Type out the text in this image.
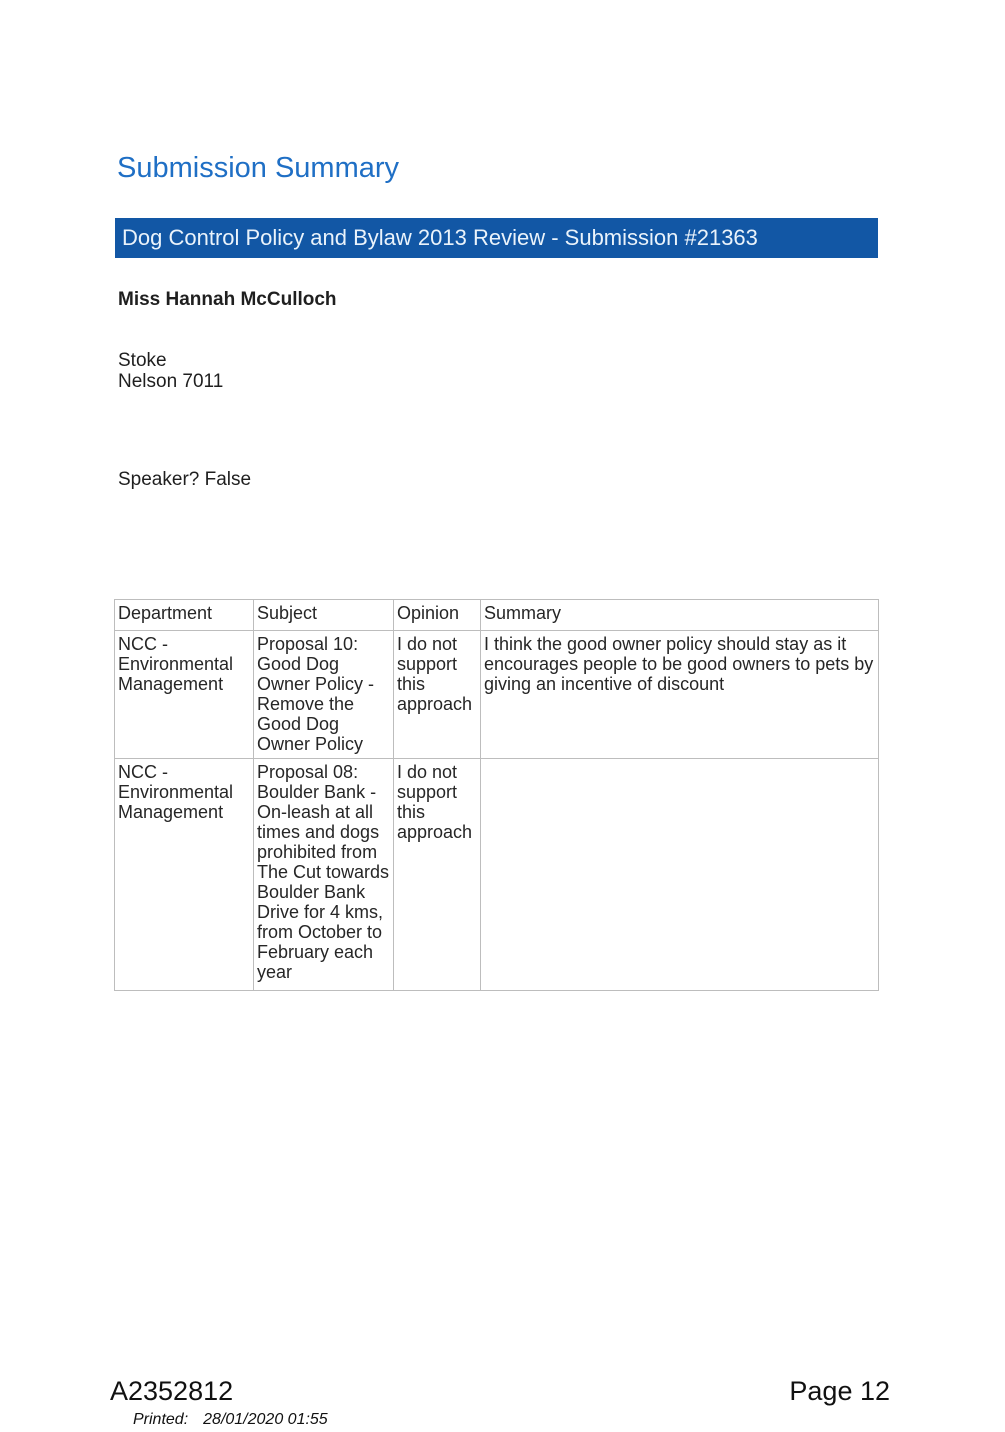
Submission Summary
Dog Control Policy and Bylaw 2013 Review - Submission #21363

Miss Hannah McCulloch

Stoke
Nelson 7011

Speaker? False

Department	Subject	Opinion	Summary
NCC - Environmental Management	Proposal 10: Good Dog Owner Policy - Remove the Good Dog Owner Policy	I do not support this approach	I think the good owner policy should stay as it encourages people to be good owners to pets by giving an incentive of discount
NCC - Environmental Management	Proposal 08: Boulder Bank - On-leash at all times and dogs prohibited from The Cut towards Boulder Bank Drive for 4 kms, from October to February each year	I do not support this approach	
A2352812	Page 12
Printed: 28/01/2020 01:55
